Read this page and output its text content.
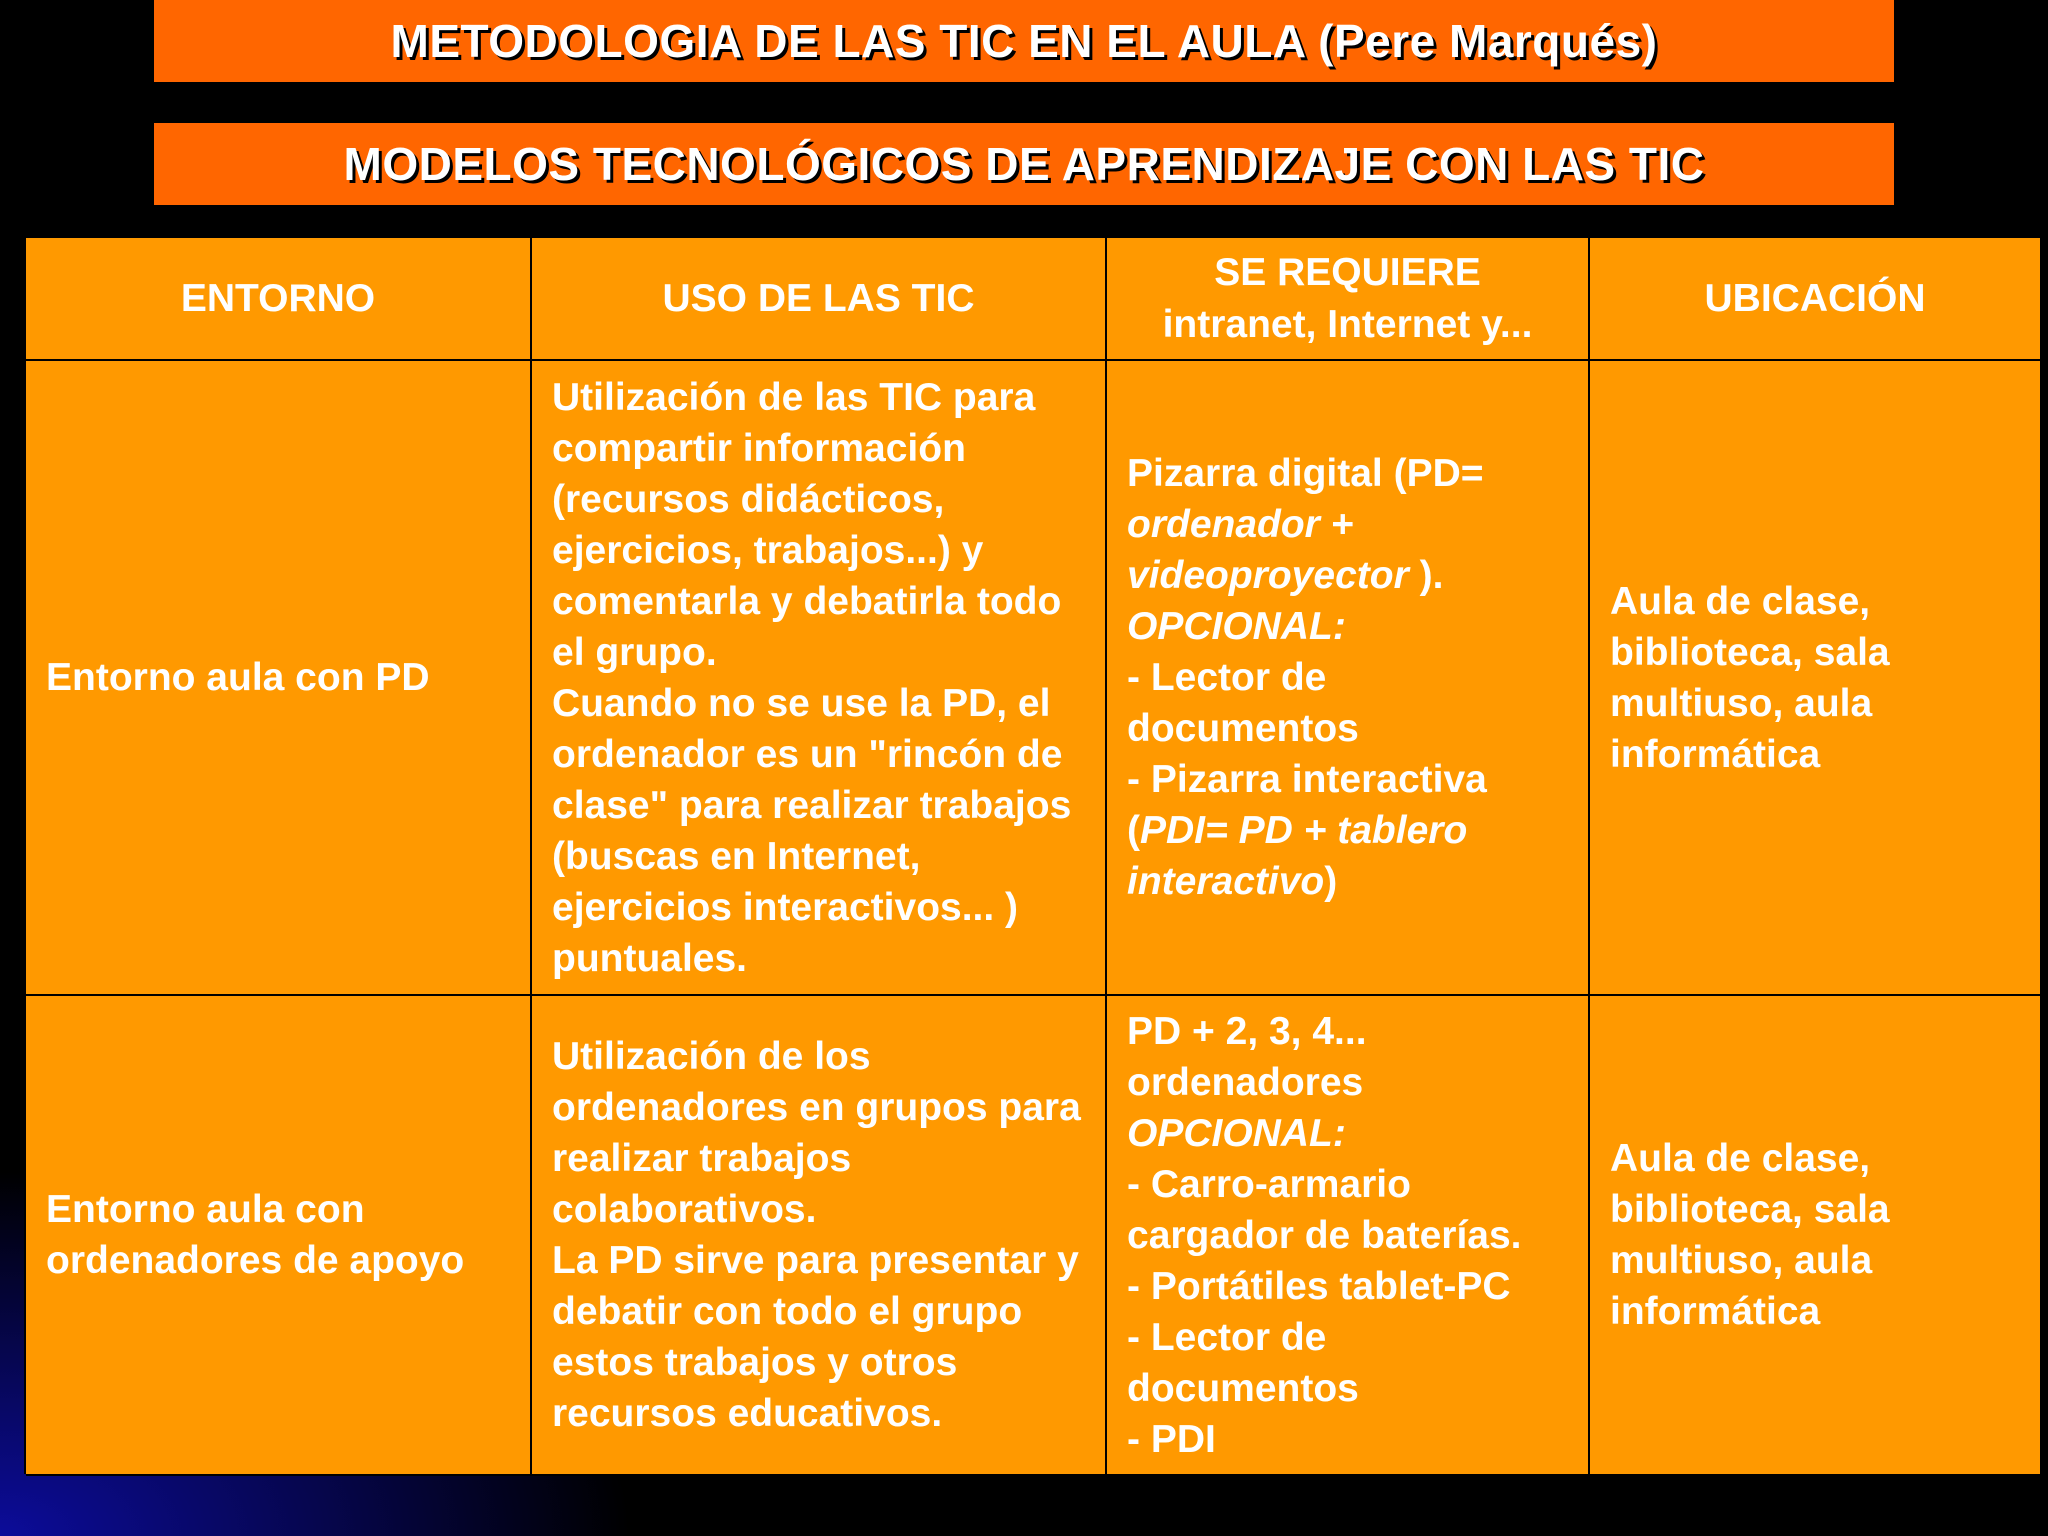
METODOLOGIA DE LAS TIC EN EL AULA (Pere Marqués)
MODELOS TECNOLÓGICOS DE APRENDIZAJE CON LAS TIC
ENTORNO	USO DE LAS TIC
SE REQUIERE
intranet, Internet y...
UBICACIÓN
Entorno aula con PD
Utilización de las TIC para compartir información (recursos didácticos, ejercicios, trabajos...) y comentarla y debatirla todo el grupo.
Cuando no se use la PD, el ordenador es un "rincón de clase" para realizar trabajos (buscas en Internet, ejercicios interactivos... ) puntuales.
Pizarra digital (PD= ordenador + videoproyector ).
OPCIONAL:
- Lector de documentos
- Pizarra interactiva (PDI= PD + tablero interactivo)
Aula de clase, biblioteca, sala multiuso, aula informática
Entorno aula con ordenadores de apoyo
Utilización de los ordenadores en grupos para realizar trabajos colaborativos.
La PD sirve para presentar y debatir con todo el grupo estos trabajos y otros recursos educativos.
PD + 2, 3, 4... ordenadores
OPCIONAL:
- Carro-armario cargador de baterías.
- Portátiles tablet-PC
- Lector de documentos
- PDI
Aula de clase, biblioteca, sala multiuso, aula informática
